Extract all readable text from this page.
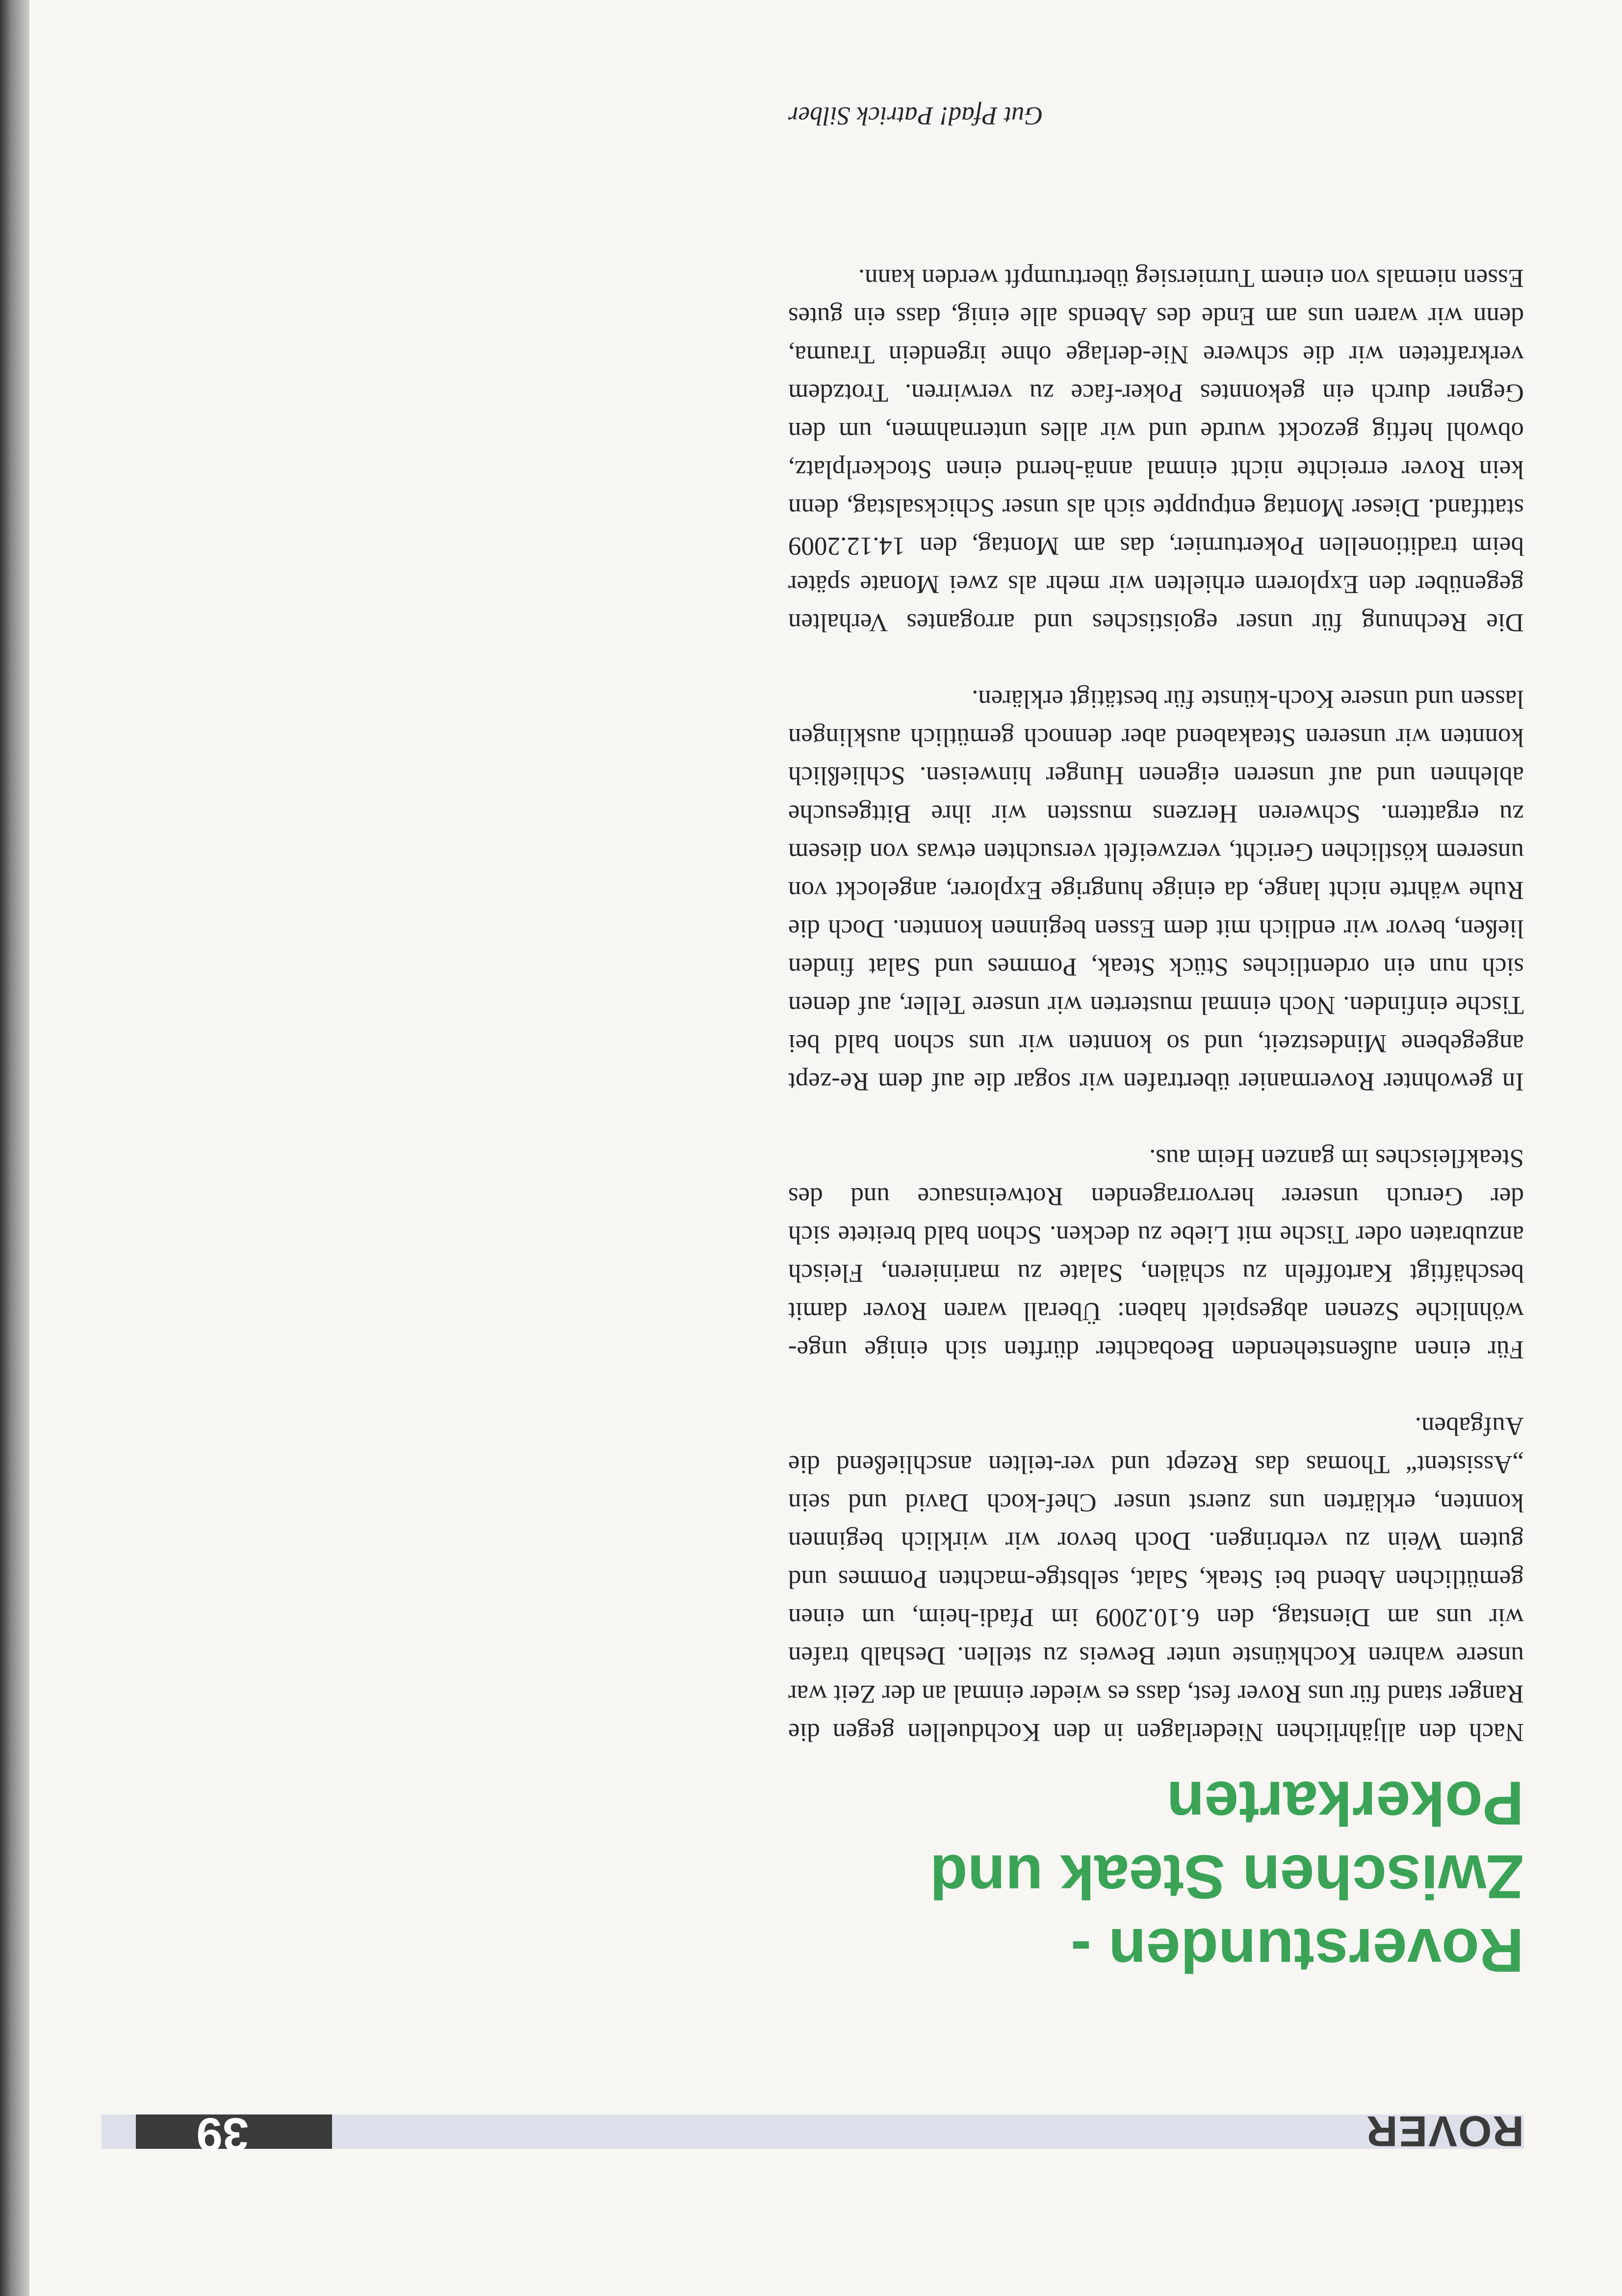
ROVER
39
Roverstunden -
Zwischen Steak und
Pokerkarten

Nach den alljährlichen Niederlagen in den Kochduellen gegen die Ranger stand für uns Rover fest, dass es wieder einmal an der Zeit war unsere wahren Kochkünste unter Beweis zu stellen. Deshalb trafen wir uns am Dienstag, den 6.10.2009 im Pfadi-heim, um einen gemütlichen Abend bei Steak, Salat, selbstge-machten Pommes und gutem Wein zu verbringen. Doch bevor wir wirklich beginnen konnten, erklärten uns zuerst unser Chef-koch David und sein „Assistent“ Thomas das Rezept und ver-teilten anschließend die Aufgaben.

Für einen außenstehenden Beobachter dürften sich einige unge-wöhnliche Szenen abgespielt haben: Überall waren Rover damit beschäftigt Kartoffeln zu schälen, Salate zu marinieren, Fleisch anzubraten oder Tische mit Liebe zu decken. Schon bald breitete sich der Geruch unserer hervorragenden Rotweinsauce und des Steakfleisches im ganzen Heim aus.

In gewohnter Rovermanier übertrafen wir sogar die auf dem Re-zept angegebene Mindestzeit, und so konnten wir uns schon bald bei Tische einfinden. Noch einmal musterten wir unsere Teller, auf denen sich nun ein ordentliches Stück Steak, Pommes und Salat finden ließen, bevor wir endlich mit dem Essen beginnen konnten. Doch die Ruhe währte nicht lange, da einige hungrige Explorer, angelockt von unserem köstlichen Gericht, verzweifelt versuchten etwas von diesem zu ergattern. Schweren Herzens mussten wir ihre Bittgesuche ablehnen und auf unseren eigenen Hunger hinweisen. Schließlich konnten wir unseren Steakabend aber dennoch gemütlich ausklingen lassen und unsere Koch-künste für bestätigt erklären.

Die Rechnung für unser egoistisches und arrogantes Verhalten gegenüber den Explorern erhielten wir mehr als zwei Monate später beim traditionellen Pokerturnier, das am Montag, den 14.12.2009 stattfand. Dieser Montag entpuppte sich als unser Schicksalstag, denn kein Rover erreichte nicht einmal annä-hernd einen Stockerlplatz, obwohl heftig gezockt wurde und wir alles unternahmen, um den Gegner durch ein gekonntes Poker-face zu verwirren. Trotzdem verkrafteten wir die schwere Nie-derlage ohne irgendein Trauma, denn wir waren uns am Ende des Abends alle einig, dass ein gutes Essen niemals von einem Turniersieg übertrumpft werden kann.

Gut Pfad! Patrick Silber
